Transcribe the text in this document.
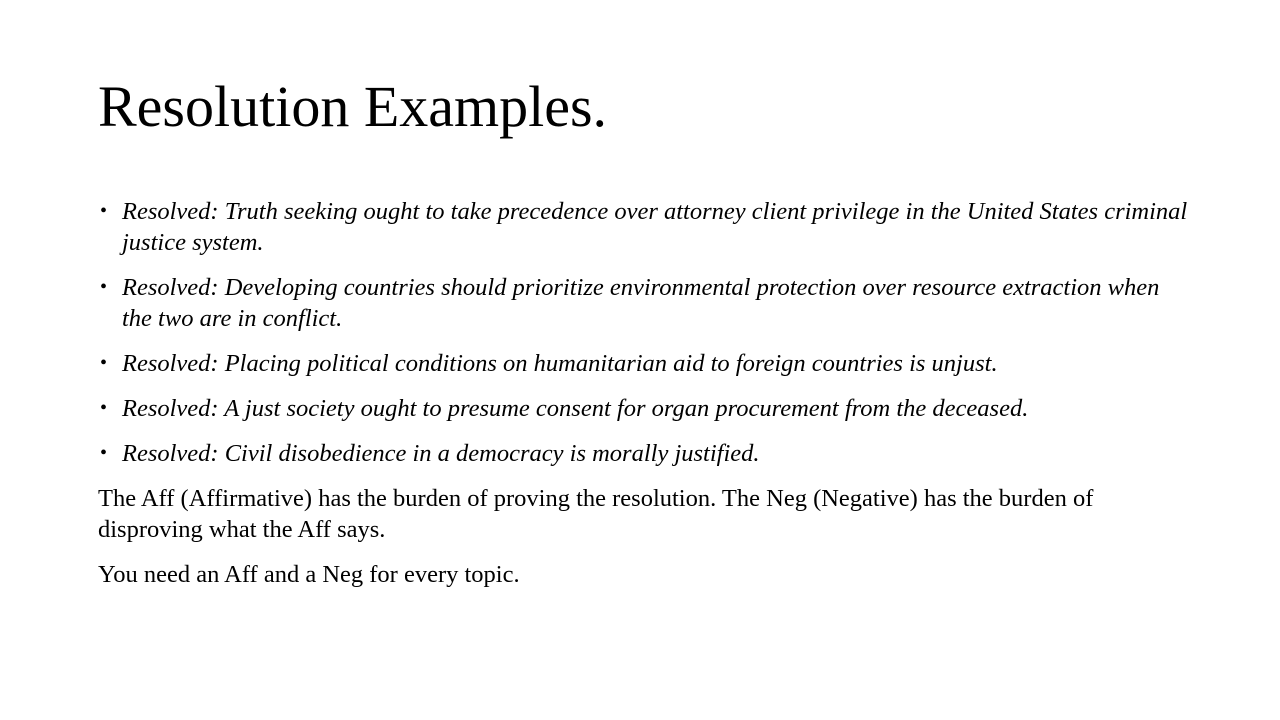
Resolution Examples.
• Resolved: Truth seeking ought to take precedence over attorney client privilege in the United States criminal justice system.
• Resolved: Developing countries should prioritize environmental protection over resource extraction when the two are in conflict.
• Resolved: Placing political conditions on humanitarian aid to foreign countries is unjust.
• Resolved: A just society ought to presume consent for organ procurement from the deceased.
• Resolved: Civil disobedience in a democracy is morally justified.

The Aff (Affirmative) has the burden of proving the resolution. The Neg (Negative) has the burden of disproving what the Aff says.

You need an Aff and a Neg for every topic.
